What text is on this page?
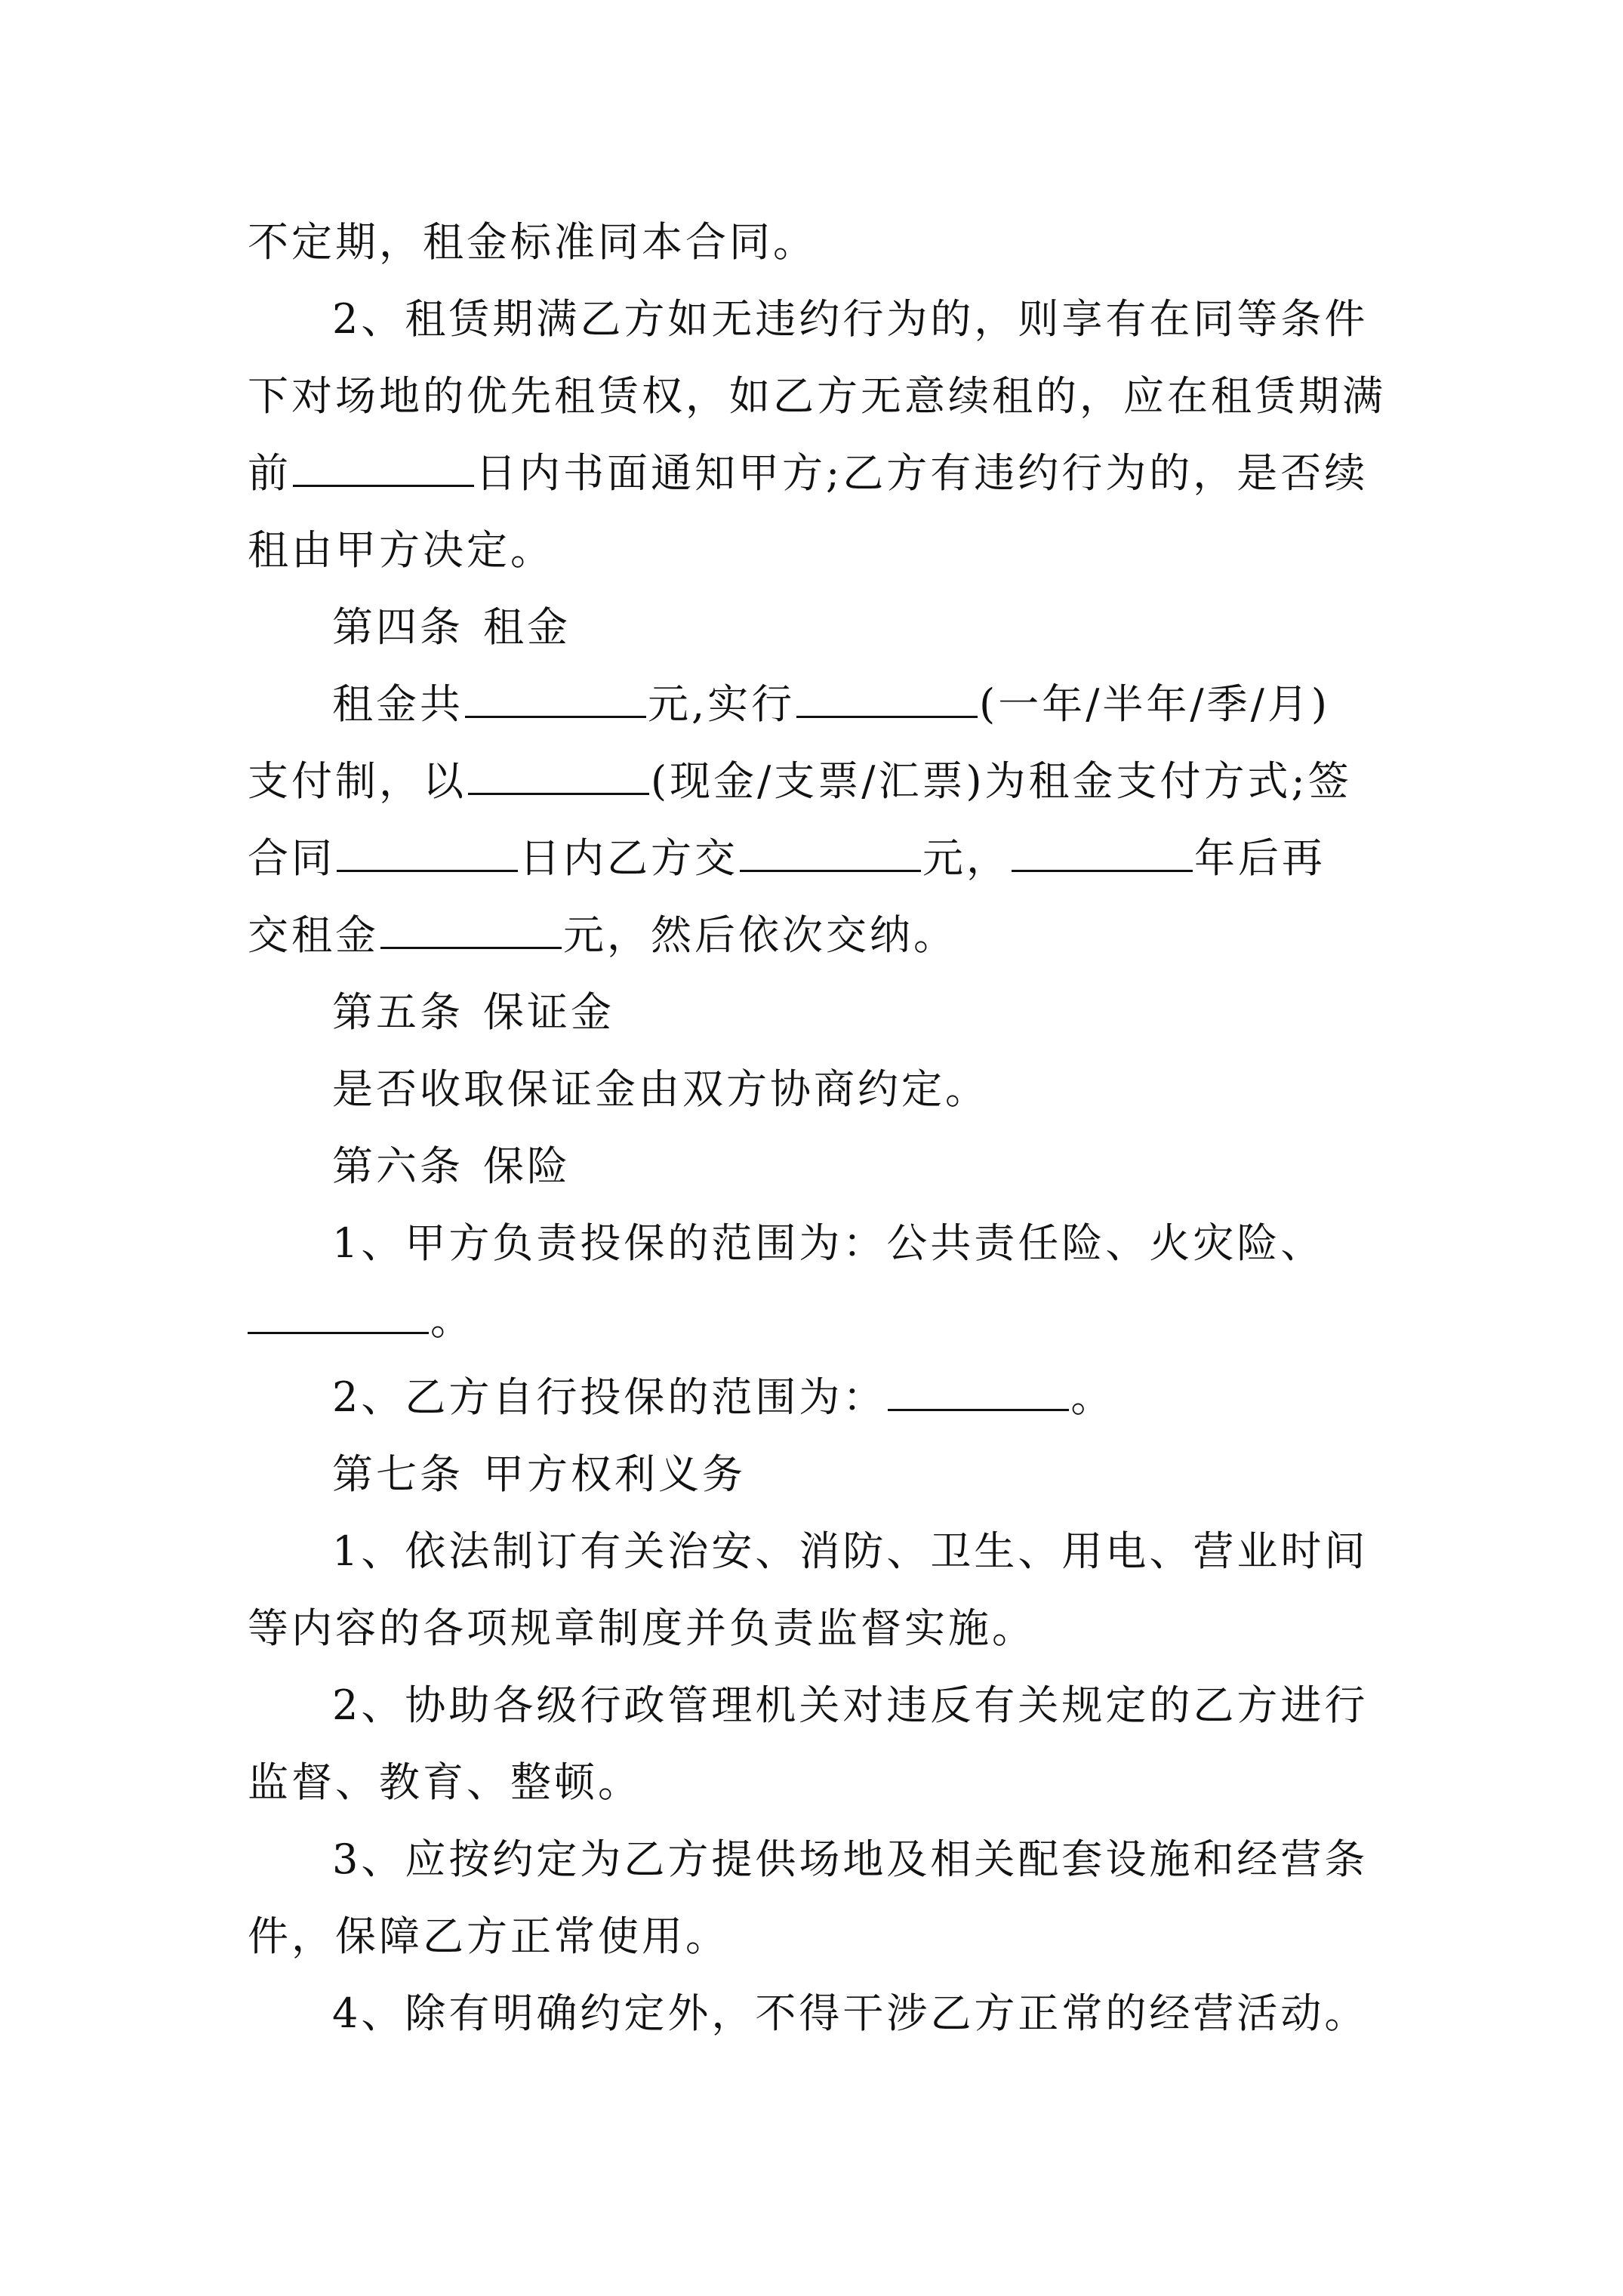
不定期，租金标准同本合同。
2、租赁期满乙方如无违约行为的，则享有在同等条件
下对场地的优先租赁权，如乙方无意续租的，应在租赁期满
前	日内书面通知甲方;乙方有违约行为的，是否续
租由甲方决定。
第四条 租金
租金共	元,实行	(一年/半年/季/月)
支付制，以	(现金/支票/汇票)为租金支付方式;签
合同	日内乙方交	元，	年后再
交租金	元，然后依次交纳。
第五条 保证金
是否收取保证金由双方协商约定。
第六条 保险
1、甲方负责投保的范围为：公共责任险、火灾险、
。
2、乙方自行投保的范围为：	。
第七条 甲方权利义务
1、依法制订有关治安、消防、卫生、用电、营业时间
等内容的各项规章制度并负责监督实施。
2、协助各级行政管理机关对违反有关规定的乙方进行
监督、教育、整顿。
3、应按约定为乙方提供场地及相关配套设施和经营条
件，保障乙方正常使用。
4、除有明确约定外，不得干涉乙方正常的经营活动。
